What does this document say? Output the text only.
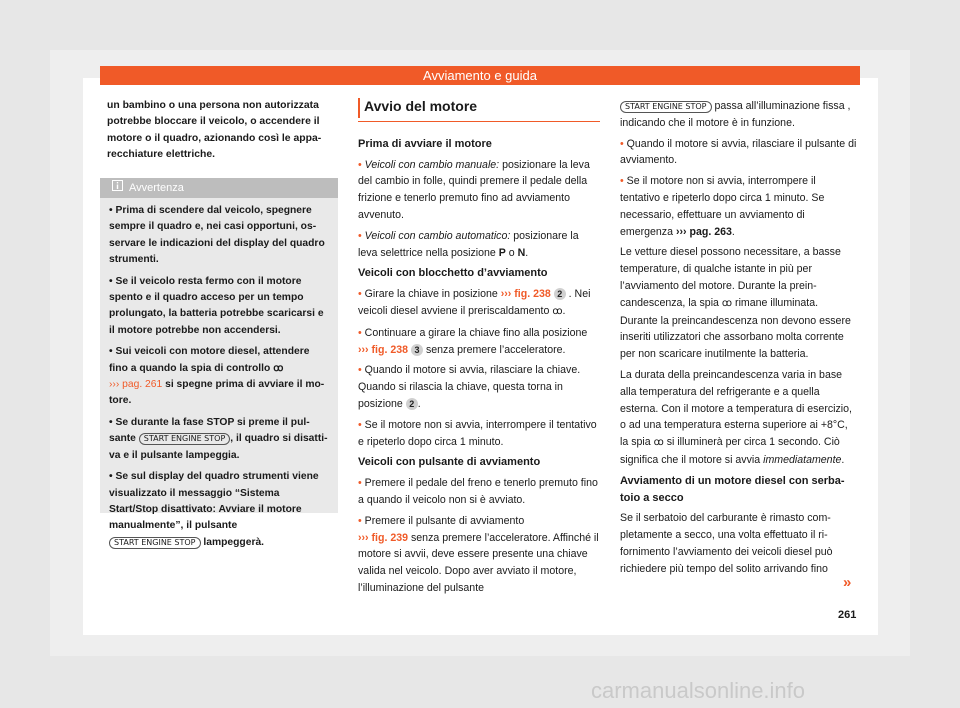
Avviamento e guida

un bambino o una persona non autorizzata potrebbe bloccare il veicolo, o accendere il motore o il quadro, azionando così le apparecchiature elettriche.

Avvertenza

• Prima di scendere dal veicolo, spegnere sempre il quadro e, nei casi opportuni, osservare le indicazioni del display del quadro strumenti.

• Se il veicolo resta fermo con il motore spento e il quadro acceso per un tempo prolungato, la batteria potrebbe scaricarsi e il motore potrebbe non accendersi.

• Sui veicoli con motore diesel, attendere fino a quando la spia di controllo ꝏ
››› pag. 261 si spegne prima di avviare il motore.

• Se durante la fase STOP si preme il pulsante START ENGINE STOP , il quadro si disattiva e il pulsante lampeggia.

• Se sul display del quadro strumenti viene visualizzato il messaggio “Sistema Start/Stop disattivato: Avviare il motore manualmente”, il pulsante START ENGINE STOP lampeggerà.

Avvio del motore

Prima di avviare il motore

• Veicoli con cambio manuale: posizionare la leva del cambio in folle, quindi premere il pedale della frizione e tenerlo premuto fino ad avviamento avvenuto.

• Veicoli con cambio automatico: posizionare la leva selettrice nella posizione P o N.

Veicoli con blocchetto d’avviamento

• Girare la chiave in posizione ››› fig. 238 2 . Nei veicoli diesel avviene il preriscaldamento ꝏ.

• Continuare a girare la chiave fino alla posizione ››› fig. 238 3 senza premere l’acceleratore.

• Quando il motore si avvia, rilasciare la chiave. Quando si rilascia la chiave, questa torna in posizione 2 .

• Se il motore non si avvia, interrompere il tentativo e ripeterlo dopo circa 1 minuto.

Veicoli con pulsante di avviamento

• Premere il pedale del freno e tenerlo premuto fino a quando il veicolo non si è avviato.

• Premere il pulsante di avviamento
››› fig. 239 senza premere l’acceleratore. Affinché il motore si avvii, deve essere presente una chiave valida nel veicolo. Dopo aver avviato il motore, l’illuminazione del pulsante

START ENGINE STOP passa all’illuminazione fissa , indicando che il motore è in funzione.

• Quando il motore si avvia, rilasciare il pulsante di avviamento.

• Se il motore non si avvia, interrompere il tentativo e ripeterlo dopo circa 1 minuto. Se necessario, effettuare un avviamento di emergenza ››› pag. 263.

Le vetture diesel possono necessitare, a basse temperature, di qualche istante in più per l’avviamento del motore. Durante la preincandescenza, la spia ꝏ rimane illuminata. Durante la preincandescenza non devono essere inseriti utilizzatori che assorbano molta corrente per non scaricare inutilmente la batteria.

La durata della preincandescenza varia in base alla temperatura del refrigerante e a quella esterna. Con il motore a temperatura di esercizio, o ad una temperatura esterna superiore ai +8°C, la spia ꝏ si illuminerà per circa 1 secondo. Ciò significa che il motore si avvia immediatamente.

Avviamento di un motore diesel con serbatoio a secco

Se il serbatoio del carburante è rimasto completamente a secco, una volta effettuato il rifornimento l’avviamento dei veicoli diesel può richiedere più tempo del solito arrivando fino

»
261
carmanualsonline.info
